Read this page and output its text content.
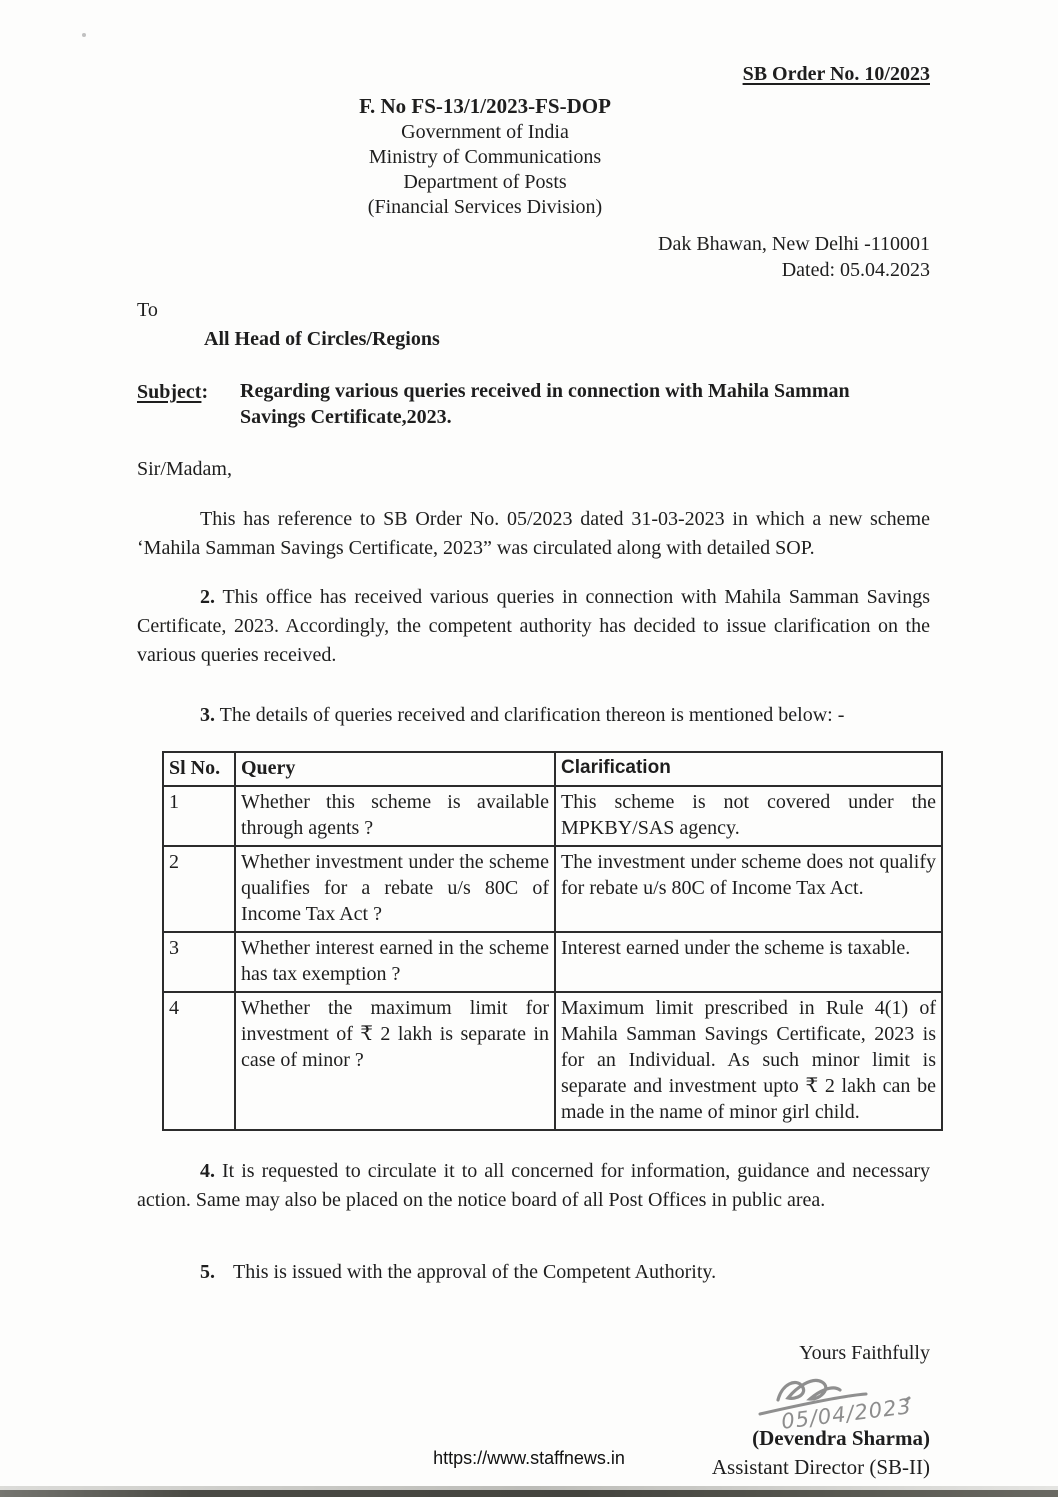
SB Order No. 10/2023
F. No FS-13/1/2023-FS-DOP
Government of India
Ministry of Communications
Department of Posts
(Financial Services Division)
Dak Bhawan, New Delhi -110001
Dated: 05.04.2023
To
All Head of Circles/Regions
Subject:	Regarding various queries received in connection with Mahila Samman Savings Certificate,2023.
Sir/Madam,

This has reference to SB Order No. 05/2023 dated 31-03-2023 in which a new scheme ‘Mahila Samman Savings Certificate, 2023” was circulated along with detailed SOP.

2. This office has received various queries in connection with Mahila Samman Savings Certificate, 2023. Accordingly, the competent authority has decided to issue clarification on the various queries received.

3. The details of queries received and clarification thereon is mentioned below: -

Sl No.	Query	Clarification
1	Whether this scheme is available through agents ?	This scheme is not covered under the MPKBY/SAS agency.
2	Whether investment under the scheme qualifies for a rebate u/s 80C of Income Tax Act ?	The investment under scheme does not qualify for rebate u/s 80C of Income Tax Act.
3	Whether interest earned in the scheme has tax exemption ?	Interest earned under the scheme is taxable.
4	Whether the maximum limit for investment of ₹ 2 lakh is separate in case of minor ?	Maximum limit prescribed in Rule 4(1) of Mahila Samman Savings Certificate, 2023 is for an Individual. As such minor limit is separate and investment upto ₹ 2 lakh can be made in the name of minor girl child.

4. It is requested to circulate it to all concerned for information, guidance and necessary action. Same may also be placed on the notice board of all Post Offices in public area.

5. This is issued with the approval of the Competent Authority.

Yours Faithfully
05/04/2023
(Devendra Sharma)
Assistant Director (SB-II)
https://www.staffnews.in
